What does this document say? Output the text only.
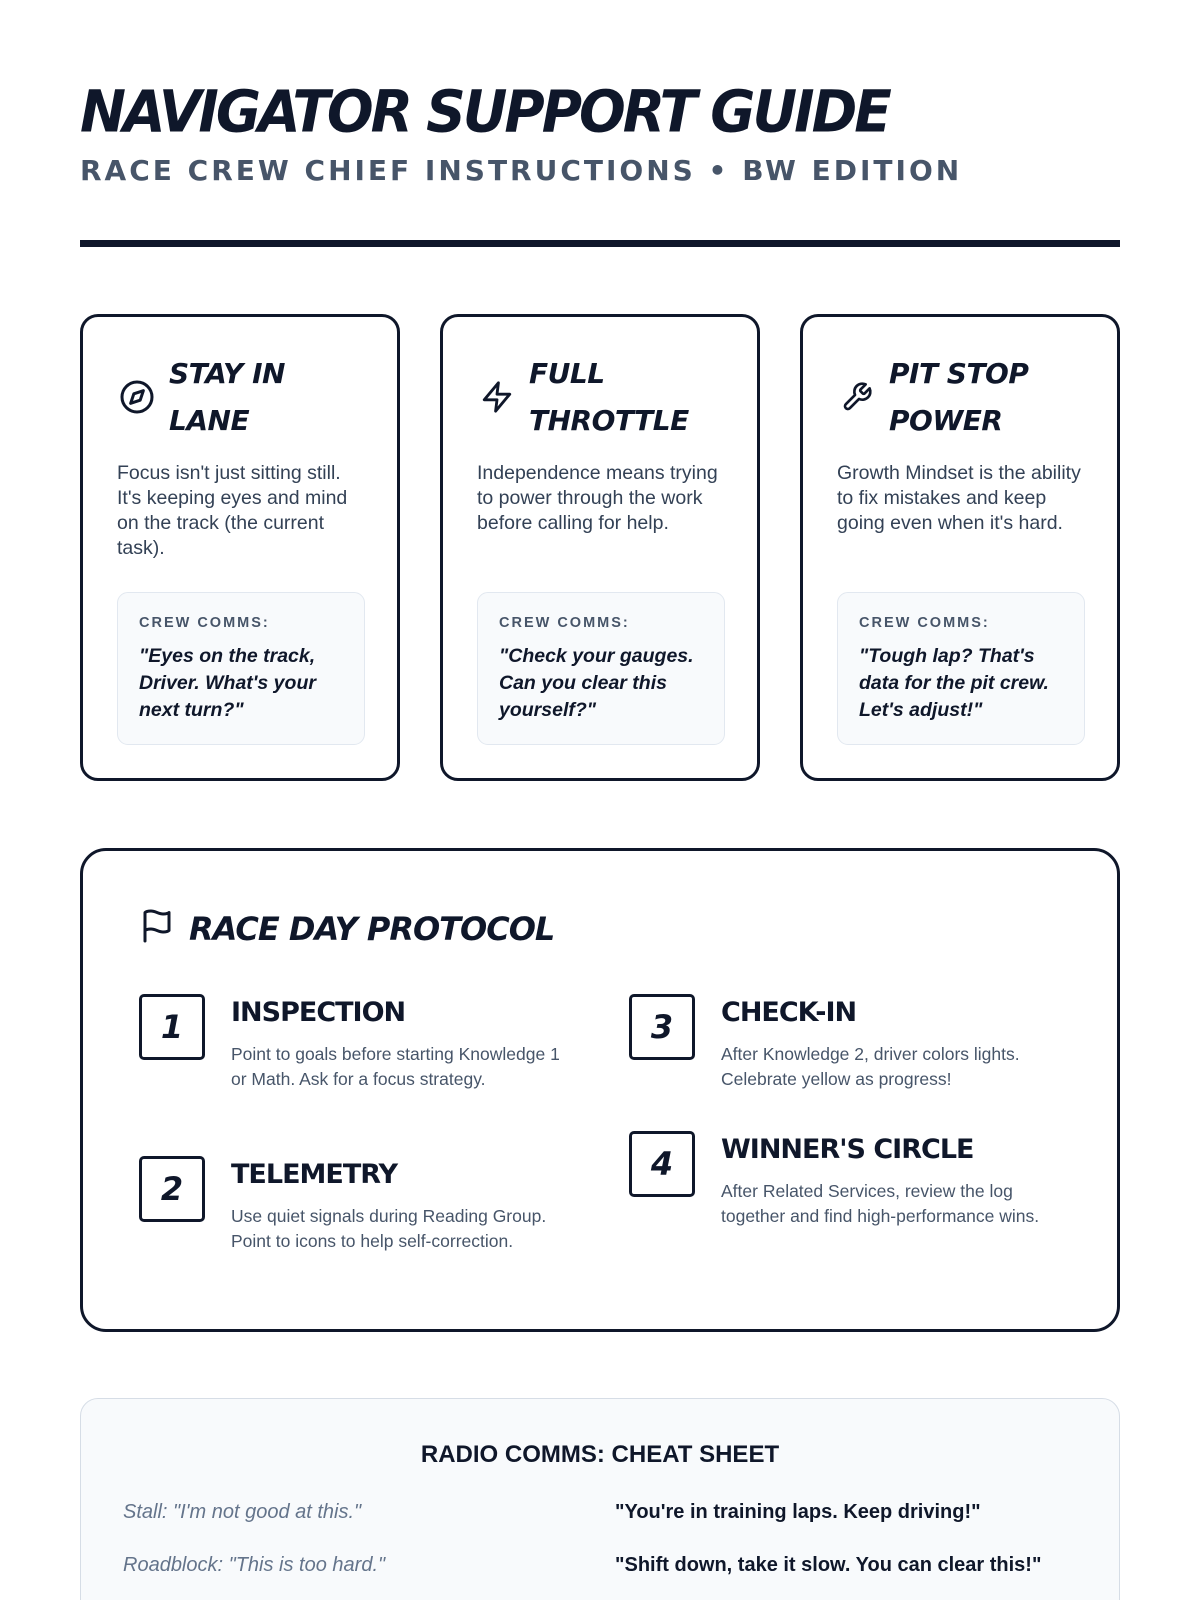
NAVIGATOR SUPPORT GUIDE
RACE CREW CHIEF INSTRUCTIONS • BW EDITION
STAY IN
LANE
Focus isn't just sitting still. It's keeping eyes and mind on the track (the current task).
CREW COMMS:
"Eyes on the track, Driver. What's your next turn?"
FULL
THROTTLE
Independence means trying to power through the work before calling for help.
CREW COMMS:
"Check your gauges. Can you clear this yourself?"
PIT STOP
POWER
Growth Mindset is the ability to fix mistakes and keep going even when it's hard.
CREW COMMS:
"Tough lap? That's data for the pit crew. Let's adjust!"
RACE DAY PROTOCOL
1	INSPECTION
Point to goals before starting Knowledge 1 or Math. Ask for a focus strategy.
2	TELEMETRY
Use quiet signals during Reading Group. Point to icons to help self-correction.
3	CHECK-IN
After Knowledge 2, driver colors lights. Celebrate yellow as progress!
4	WINNER'S CIRCLE
After Related Services, review the log together and find high-performance wins.
RADIO COMMS: CHEAT SHEET
Stall: "I'm not good at this."	"You're in training laps. Keep driving!"
Roadblock: "This is too hard."	"Shift down, take it slow. You can clear this!"
